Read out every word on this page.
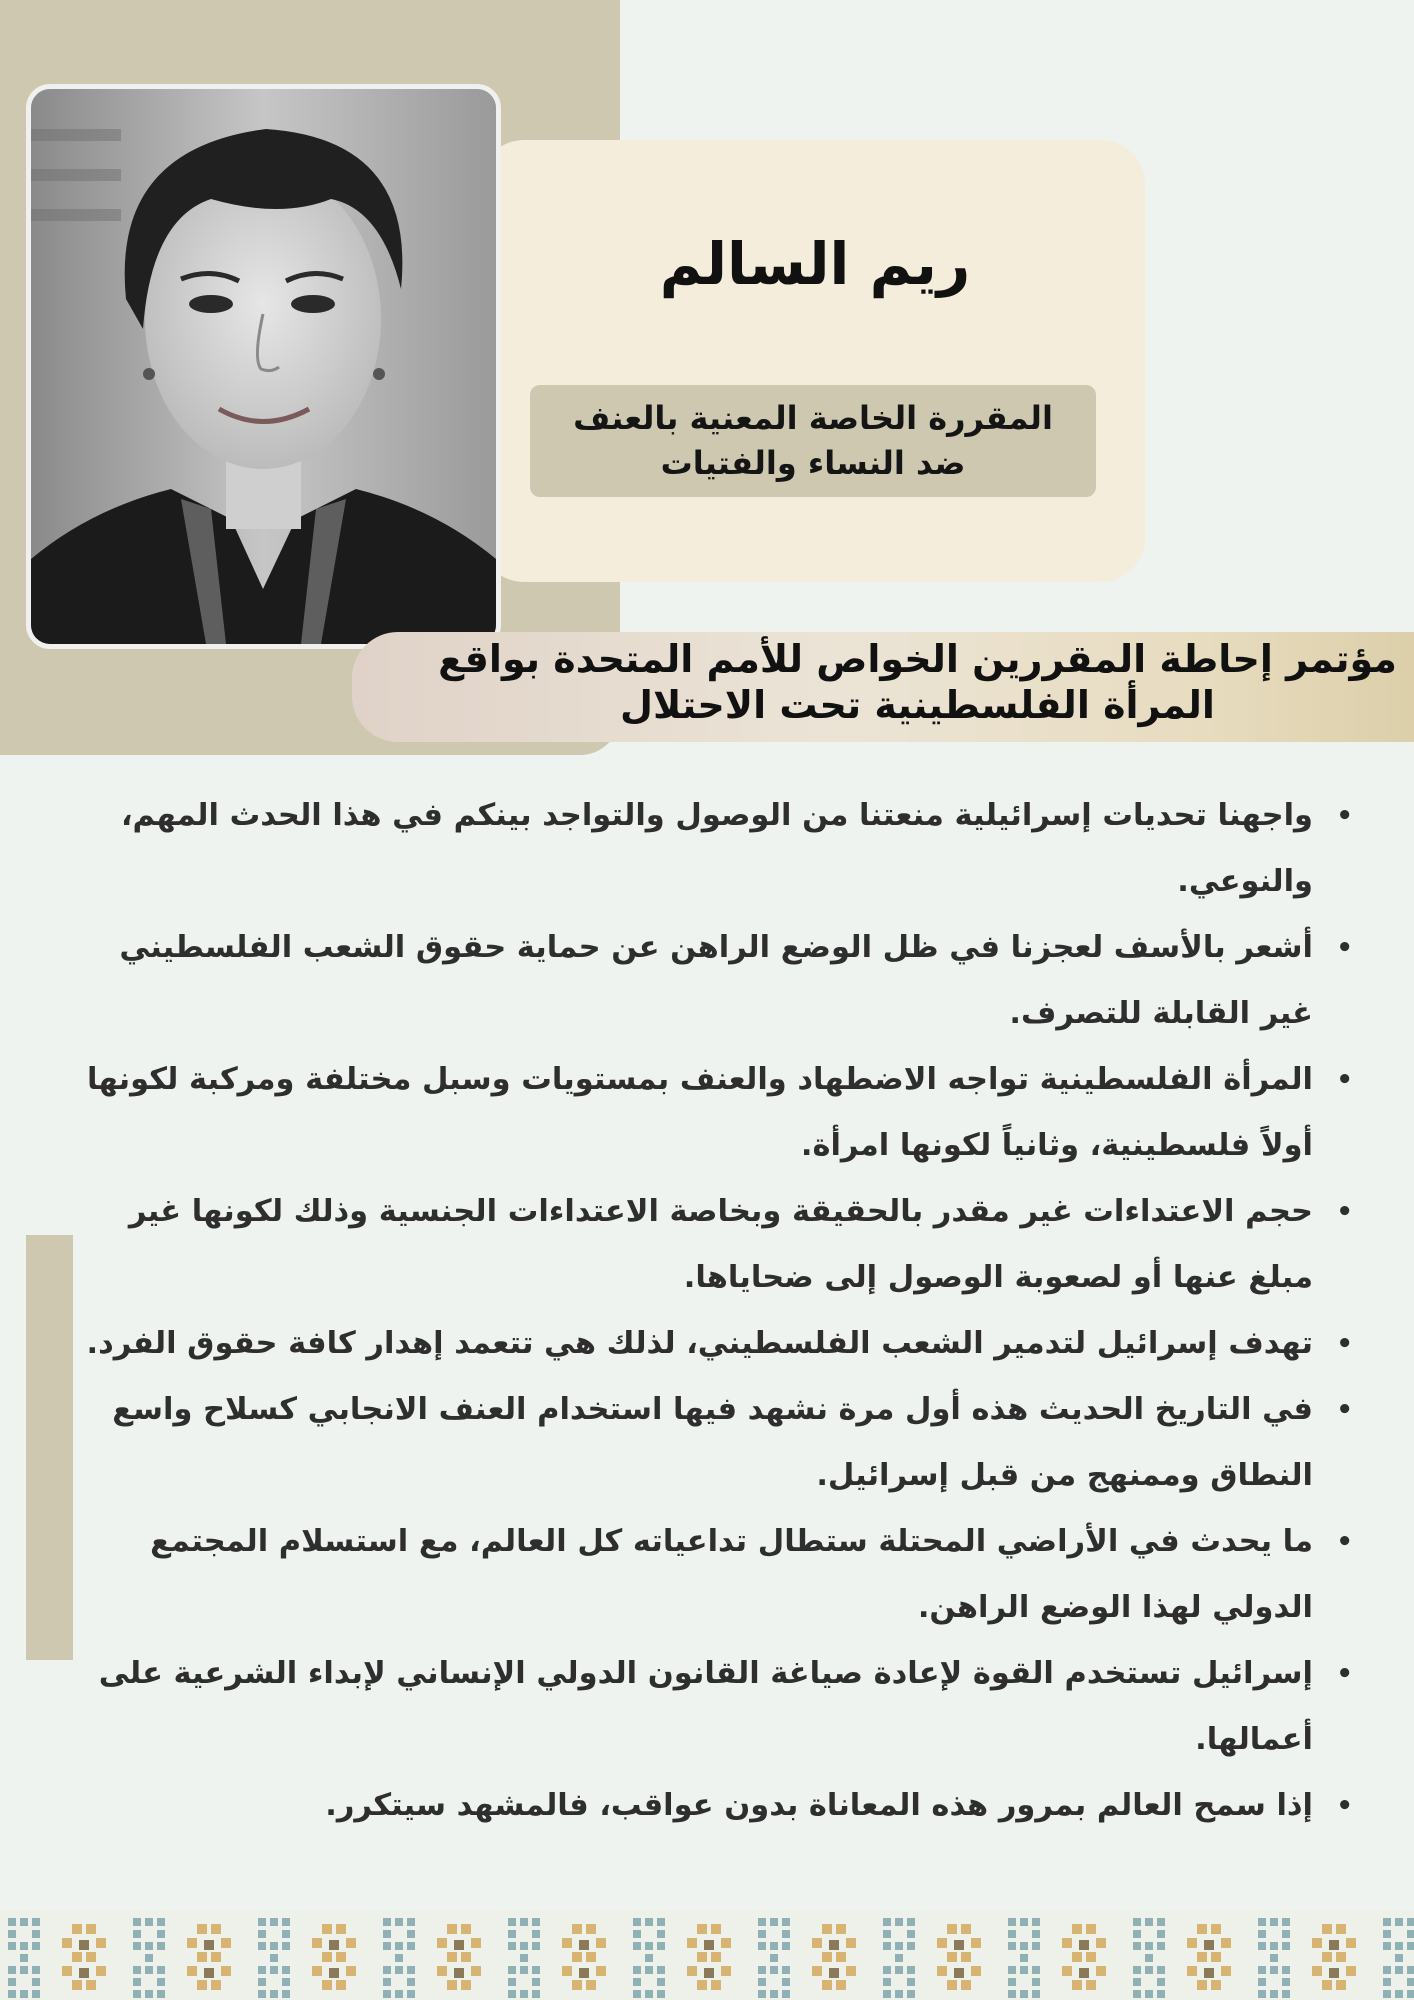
ريم السالم
المقررة الخاصة المعنية بالعنف ضد النساء والفتيات
مؤتمر إحاطة المقررين الخواص للأمم المتحدة بواقع المرأة الفلسطينية تحت الاحتلال
• واجهنا تحديات إسرائيلية منعتنا من الوصول والتواجد بينكم في هذا الحدث المهم، والنوعي.
• أشعر بالأسف لعجزنا في ظل الوضع الراهن عن حماية حقوق الشعب الفلسطيني غير القابلة للتصرف.
• المرأة الفلسطينية تواجه الاضطهاد والعنف بمستويات وسبل مختلفة ومركبة لكونها أولاً فلسطينية، وثانياً لكونها امرأة.
• حجم الاعتداءات غير مقدر بالحقيقة وبخاصة الاعتداءات الجنسية وذلك لكونها غير مبلغ عنها أو لصعوبة الوصول إلى ضحاياها.
• تهدف إسرائيل لتدمير الشعب الفلسطيني، لذلك هي تتعمد إهدار كافة حقوق الفرد.
• في التاريخ الحديث هذه أول مرة نشهد فيها استخدام العنف الانجابي كسلاح واسع النطاق وممنهج من قبل إسرائيل.
• ما يحدث في الأراضي المحتلة ستطال تداعياته كل العالم، مع استسلام المجتمع الدولي لهذا الوضع الراهن.
• إسرائيل تستخدم القوة لإعادة صياغة القانون الدولي الإنساني لإبداء الشرعية على أعمالها.
• إذا سمح العالم بمرور هذه المعاناة بدون عواقب، فالمشهد سيتكرر.
